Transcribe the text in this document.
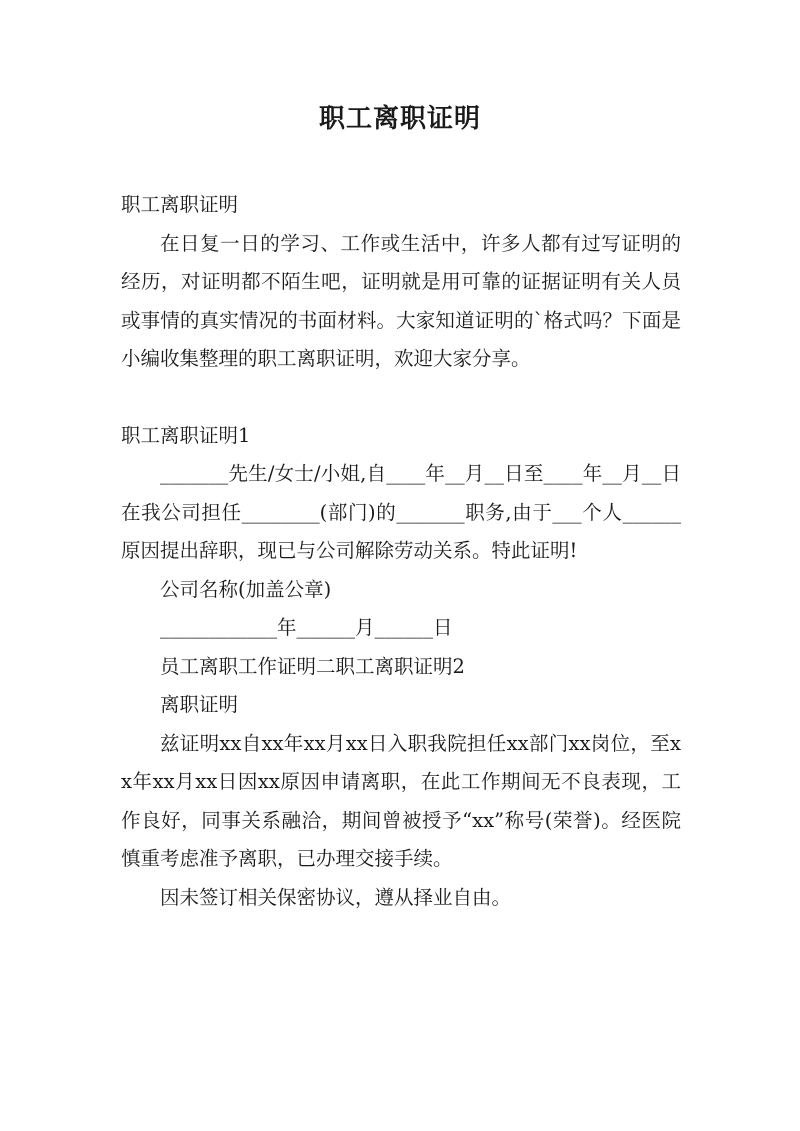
职工离职证明

职工离职证明

在日复一日的学习、工作或生活中，许多人都有过写证明的经历，对证明都不陌生吧，证明就是用可靠的证据证明有关人员或事情的真实情况的书面材料。大家知道证明的`格式吗？下面是小编收集整理的职工离职证明，欢迎大家分享。

职工离职证明1

_______先生/女士/小姐,自____年__月__日至____年__月__日在我公司担任________(部门)的_______职务,由于___个人______原因提出辞职，现已与公司解除劳动关系。特此证明!

公司名称(加盖公章)

____________年______月______日

员工离职工作证明二职工离职证明2

离职证明

兹证明xx自xx年xx月xx日入职我院担任xx部门xx岗位，至xx年xx月xx日因xx原因申请离职，在此工作期间无不良表现，工作良好，同事关系融洽，期间曾被授予“xx”称号(荣誉)。经医院慎重考虑准予离职，已办理交接手续。

因未签订相关保密协议，遵从择业自由。
